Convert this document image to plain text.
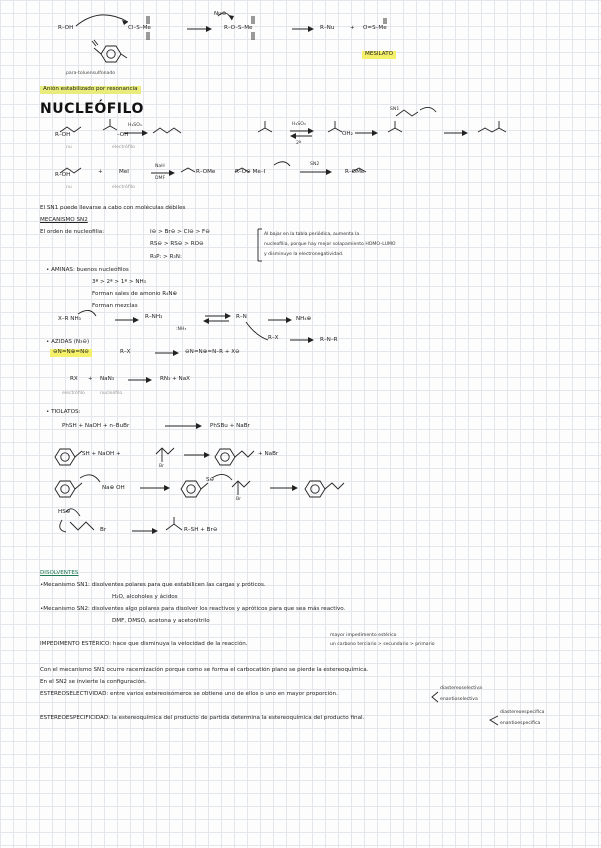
R–OH	Cl–S–Me
para-toluensulfonado
Nu⊖
R–O–S–Me	R–Nu	+ O=S–Me
MESILATO
Anión estabilizado por resonancia
NUCLEÓFILO
R–OH
nu
–OH
electrófilo
H₂SO₄	H₂SO₄
2ª
OH₂
SN1
R–OH
nu
+	MeI
electrófilo
NaH
DMF
R–OMe	R–O⊖ Me–I
SN2
R–OMe
El SN1 puede llevarse a cabo con moléculas débiles
MECANISMO SN2
El orden de nucleofilia:	I⊖ > Br⊖ > Cl⊖ > F⊖
RS⊖ > RS⊖ > RO⊖
R₃P: > R₃N:
Al bajar en la tabla periódica, aumenta la
nucleofilia, porque hay mejor solapamiento HOMO–LUMO
y disminuye la electronegatividad.
• AMINAS: buenos nucleófilos
3ª > 2ª > 1ª > NH₃
Forman sales de amonio R₄N⊕
Forman mezclas
X–R NH₃	R–NH₃
:NH₃
R–N	NH₄⊕
R–X	R–N–R
• AZIDAS (N₃⊖)
⊖N=N⊕=N⊖	R–X	⊖N=N⊕=N–R + X⊖
RX + NaN₃
electrófilo	nucleófilo
RN₃ + NaX
• TIOLATOS:
PhSH + NaOH + n–BuBr	PhSBu + NaBr
SH + NaOH +
Br
+ NaBr
Na⊕ OH
S⊖
Br
HS⊖
Br	R–SH + Br⊖
DISOLVENTES
•Mecanismo SN1: disolventes polares para que estabilicen las cargas y próticos.
H₂O, alcoholes y ácidos
•Mecanismo SN2: disolventes algo polares para disolver los reactivos y apróticos para que sea más reactivo.
DMF, DMSO, acetona y acetonitrilo
IMPEDIMENTO ESTÉRICO: hace que disminuya la velocidad de la reacción.
mayor impedimento estérico
un carbono terciario > secundario > primario
Con el mecanismo SN1 ocurre racemización porque como se forma el carbocatión plano se pierde la estereoquímica.
En el SN2 se invierte la configuración.
ESTEREOSELECTIVIDAD: entre varios estereoisómeros se obtiene uno de ellos o uno en mayor proporción.
diastereoselectiva
enantioselectiva
ESTEREOESPECIFICIDAD: la estereoquímica del producto de partida determina la estereoquímica del producto final.
diastereoespecífica
enantioespecífica
